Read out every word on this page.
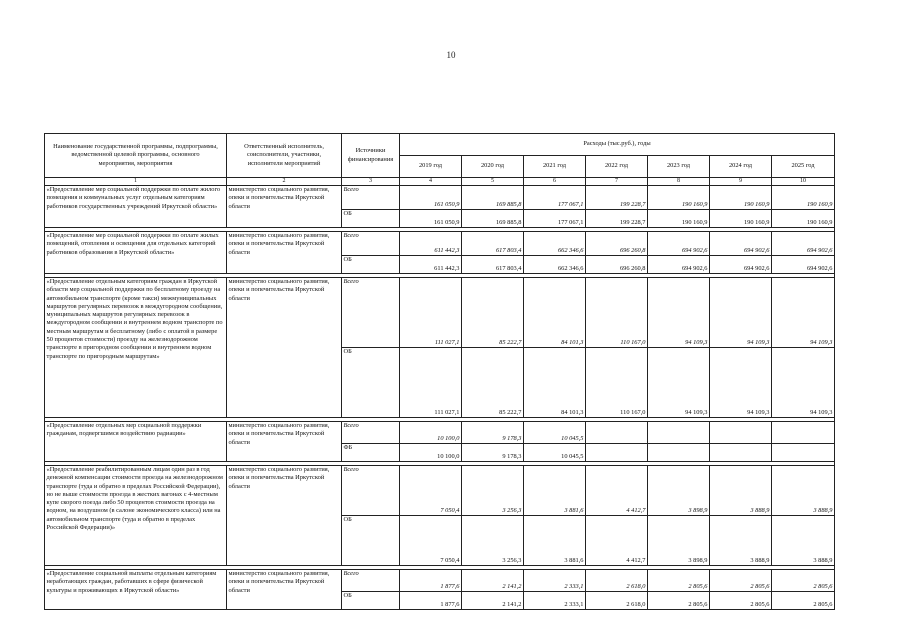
10
Наименование государственной программы, подпрограммы, ведомственной целевой программы, основного мероприятия, мероприятия	Ответственный исполнитель, соисполнители, участники, исполнители мероприятий	Источники финансирования	Расходы (тыс.руб.), годы						
			2019 год	2020 год	2021 год	2022 год	2023 год	2024 год	2025 год
1	2	3	4	5	6	7	8	9	10
«Предоставление мер социальной поддержки по оплате жилого помещения и коммунальных услуг отдельным категориям работников государственных учреждений Иркутской области»	министерство социального развития, опеки и попечительства Иркутской области	Всего	161 050,9	169 885,8	177 067,1	199 228,7	190 160,9	190 160,9	190 160,9
		ОБ	161 050,9	169 885,8	177 067,1	199 228,7	190 160,9	190 160,9	190 160,9

«Предоставление мер социальной поддержки по оплате жилых помещений, отопления и освещения для отдельных категорий работников образования в Иркутской области»	министерство социального развития, опеки и попечительства Иркутской области	Всего	611 442,3	617 803,4	662 346,6	696 260,8	694 902,6	694 902,6	694 902,6
		ОБ	611 442,3	617 803,4	662 346,6	696 260,8	694 902,6	694 902,6	694 902,6

«Предоставление отдельным категориям граждан в Иркутской области мер социальной поддержки по бесплатному проезду на автомобильном транспорте (кроме такси) межмуниципальных маршрутов регулярных перевозок в междугородном сообщении, муниципальных маршрутов регулярных перевозок в междугородном сообщении и внутреннем водном транспорте по местным маршрутам и бесплатному (либо с оплатой в размере 50 процентов стоимости) проезду на железнодорожном транспорте в пригородном сообщении и внутреннем водном транспорте по пригородным маршрутам»	министерство социального развития, опеки и попечительства Иркутской области	Всего	111 027,1	85 222,7	84 101,3	110 167,0	94 109,3	94 109,3	94 109,3
		ОБ	111 027,1	85 222,7	84 101,3	110 167,0	94 109,3	94 109,3	94 109,3

«Предоставление отдельных мер социальной поддержки гражданам, подвергшимся воздействию радиации»	министерство социального развития, опеки и попечительства Иркутской области	Всего	10 100,0	9 178,3	10 045,5				
		ФБ	10 100,0	9 178,3	10 045,5				

«Предоставление реабилитированным лицам один раз в год денежной компенсации стоимости проезда на железнодорожном транспорте (туда и обратно в пределах Российской Федерации), но не выше стоимости проезда в жестких вагонах с 4-местным купе скорого поезда либо 50 процентов стоимости проезда на водном, на воздушном (в салоне экономического класса) или на автомобильном транспорте (туда и обратно в пределах Российской Федерации)»	министерство социального развития, опеки и попечительства Иркутской области	Всего	7 050,4	3 256,3	3 881,6	4 412,7	3 898,9	3 888,9	3 888,9
		ОБ	7 050,4	3 256,3	3 881,6	4 412,7	3 898,9	3 888,9	3 888,9

«Предоставление социальной выплаты отдельным категориям неработающих граждан, работавших в сфере физической культуры и проживающих в Иркутской области»	министерство социального развития, опеки и попечительства Иркутской области	Всего	1 877,6	2 141,2	2 333,1	2 618,0	2 805,6	2 805,6	2 805,6
		ОБ	1 877,6	2 141,2	2 333,1	2 618,0	2 805,6	2 805,6	2 805,6
